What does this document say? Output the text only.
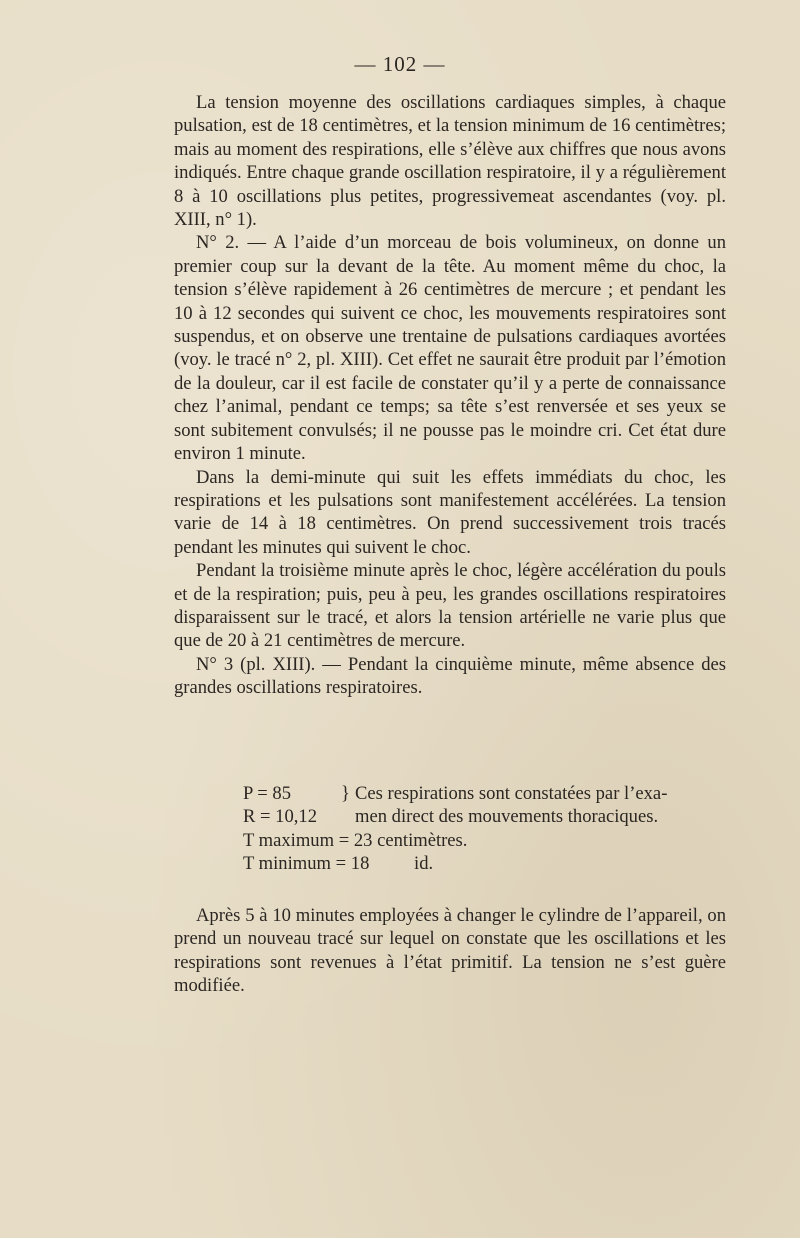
— 102 —

La tension moyenne des oscillations cardiaques simples, à chaque pulsation, est de 18 centimètres, et la tension minimum de 16 centimètres; mais au moment des respirations, elle s’élève aux chiffres que nous avons indiqués. Entre chaque grande oscillation respiratoire, il y a régulièrement 8 à 10 oscillations plus petites, progressivemeat ascendantes (voy. pl. XIII, n° 1).

N° 2. — A l’aide d’un morceau de bois volumineux, on donne un premier coup sur la devant de la tête. Au moment même du choc, la tension s’élève rapidement à 26 centimètres de mercure ; et pendant les 10 à 12 secondes qui suivent ce choc, les mouvements respiratoires sont suspendus, et on observe une trentaine de pulsations cardiaques avortées (voy. le tracé n° 2, pl. XIII). Cet effet ne saurait être produit par l’émotion de la douleur, car il est facile de constater qu’il y a perte de connaissance chez l’animal, pendant ce temps; sa tête s’est renversée et ses yeux se sont subitement convulsés; il ne pousse pas le moindre cri. Cet état dure environ 1 minute.

Dans la demi-minute qui suit les effets immédiats du choc, les respirations et les pulsations sont manifestement accélérées. La tension varie de 14 à 18 centimètres. On prend successivement trois tracés pendant les minutes qui suivent le choc.

Pendant la troisième minute après le choc, légère accélération du pouls et de la respiration; puis, peu à peu, les grandes oscillations respiratoires disparaissent sur le tracé, et alors la tension artérielle ne varie plus que que de 20 à 21 centimètres de mercure.

N° 3 (pl. XIII). — Pendant la cinquième minute, même absence des grandes oscillations respiratoires.

P = 85	} Ces respirations sont constatées par l’exa-
R = 10,12	men direct des mouvements thoraciques.
T maximum = 23 centimètres.
T minimum = 18 id.

Après 5 à 10 minutes employées à changer le cylindre de l’appareil, on prend un nouveau tracé sur lequel on constate que les oscillations et les respirations sont revenues à l’état primitif. La tension ne s’est guère modifiée.
